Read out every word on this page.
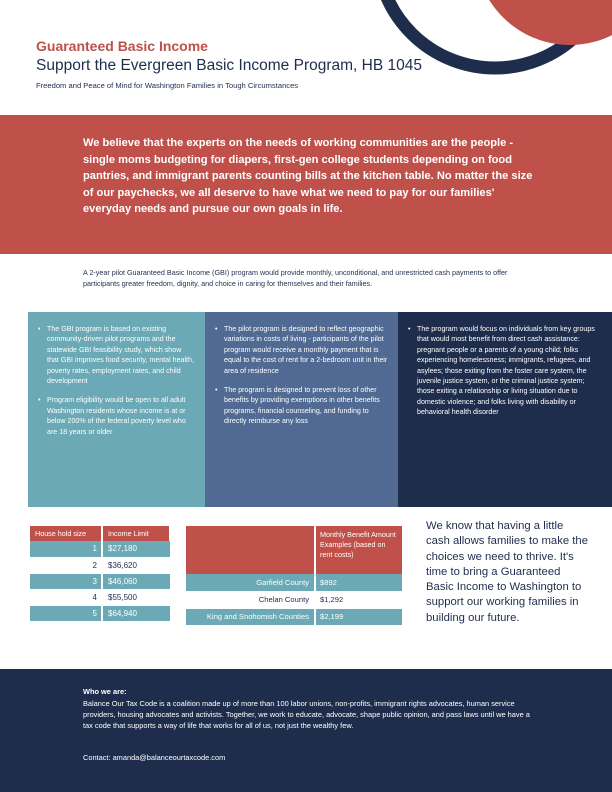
Guaranteed Basic Income
Support the Evergreen Basic Income Program, HB 1045
Freedom and Peace of Mind for Washington Families in Tough Circumstances

We believe that the experts on the needs of working communities are the people - single moms budgeting for diapers, first-gen college students depending on food pantries, and immigrant parents counting bills at the kitchen table. No matter the size of our paychecks, we all deserve to have what we need to pay for our families' everyday needs and pursue our own goals in life.

A 2-year pilot Guaranteed Basic Income (GBI) program would provide monthly, unconditional, and unrestricted cash payments to offer participants greater freedom, dignity, and choice in caring for themselves and their families.

• The GBI program is based on existing community-driven pilot programs and the statewide GBI feasibility study, which show that GBI improves food security, mental health, poverty rates, employment rates, and child development
• Program eligibility would be open to all adult Washington residents whose income is at or below 200% of the federal poverty level who are 18 years or older
• The pilot program is designed to reflect geographic variations in costs of living - participants of the pilot program would receive a monthly payment that is equal to the cost of rent for a 2-bedroom unit in their area of residence
• The program is designed to prevent loss of other benefits by providing exemptions in other benefits programs, financial counseling, and funding to directly reimburse any loss
• The program would focus on individuals from key groups that would most benefit from direct cash assistance: pregnant people or a parents of a young child; folks experiencing homelessness; immigrants, refugees, and asylees; those exiting from the foster care system, the juvenile justice system, or the criminal justice system; those exiting a relationship or living situation due to domestic violence; and folks living with disability or behavioral health disorder
House hold size	Income Limit
1	$27,180
2	$36,620
3	$46,060
4	$55,500
5	$64,940
	Monthly Benefit Amount Examples (based on rent costs)
Garfield County	$892
Chelan County	$1,292
King and Snohomish Counties	$2,199

We know that having a little cash allows families to make the choices we need to thrive. It's time to bring a Guaranteed Basic Income to Washington to support our working families in building our future.

Who we are:

Balance Our Tax Code is a coalition made up of more than 100 labor unions, non-profits, immigrant rights advocates, human service providers, housing advocates and activists. Together, we work to educate, advocate, shape public opinion, and pass laws until we have a tax code that supports a way of life that works for all of us, not just the wealthy few.

Contact: amanda@balanceourtaxcode.com
